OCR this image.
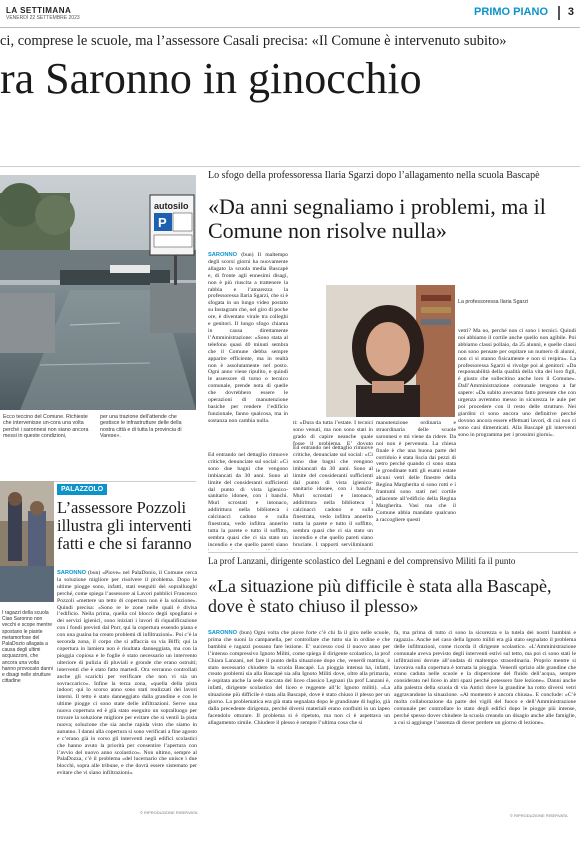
LA SETTIMANA
VENERDÌ 22 SETTEMBRE 2023	PRIMO PIANO 3
ci, comprese le scuole, ma l’assessore Casali precisa: «Il Comune è intervenuto subito»
ra Saronno in ginocchio
autosilo
P
Ecco teccino del Comune. Richieste che intervenisse un-cora una volta perché i saronnesi non siano ancora messi in queste condizioni,
per una trazione dell’attende che gestisce le infrastrutture delle della nostra città e di tutta la provincia di Varese».
PALAZZOLO
L’assessore Pozzoli illustra gli interventi fatti e che si faranno
I ragazzi della scuola Ciao Saronno non vecchi e scope mentre spostano le piante metamorfose del PalaDozio allagata a causa degli ultimi acquazzoni, che ancora una volta hanno provocato danni e disagi nelle strutture cittadine
SARONNO (bun) «Piove» nel PalaDonio, il Comune cerca la soluzione migliore per risolvere il problema. Dopo le ultime piogge sono, infatti, stati eseguiti dei sopralluoghi perché, come spiega l’assessore ai Lavori pubblici Francesco Pozzoli «mettere un tetto di copertura non è la soluzione». Quindi precisa: «Sono re le zone nelle quali è divisa l’edificio. Nella prima, quella col blocco degli spogliatoi e dei servizi igienici, sono iniziati i lavori di riqualificazione con i fondi previsti dal Pnrr, qui la copertura essendo piana e con una guaina ha creato problemi di infiltrazioni». Poi c’è la seconda zona, il corpo che si affaccia su via Biffi; qui la copertura in lamiera non è risultata danneggiata, ma con la pioggia copiosa e le foglie è stato necessario un intervento ulteriore di pulizia di pluviali e gronde che erano ostruiti; interventi che è stato fatto martedì. Ora verranno controllati anche gli scarichi per verificare che non vi sia un sovraccarico». Infine la terza zona, «quella della pista indoor; qui lo scorso anno sono stati realizzati dei lavori interni. Il tetto è stato danneggiato dalla grandine e con le ultime piogge ci sono state delle infiltrazioni. Serve una nuova copertura ed è già stato eseguito un sopralluogo per trovare la soluzione migliore per evitare che si ventil la pista nuova; soluzione che sia anche rapida visto che siamo in autunno. I danni alla copertura si sono verificati a fine agosto e c’erano già in corso gli interventi negli edifici scolastici che hanno avuto la priorità per consentire l’apertura con l’avvio del nuovo anno scolastico». Non ultimo, sempre al PalaDozza, c’è il problema «del lucernario che unisce i due blocchi, sopra alle tribune, e che dovrà essere sistemato per evitare che vi siano infiltrazioni».
© RIPRODUZIONE RISERVATA
Lo sfogo della professoressa Ilaria Sgarzi dopo l’allagamento nella scuola Bascapè
«Da anni segnaliamo i problemi, ma il Comune non risolve nulla»
SARONNO (bun) Il maltempo degli scorsi giorni ha nuovamente allagato la scuola media Bascapè e, di fronte agli ennesimi disagi, non è più riuscita a trattenere la rabbia e l’amarezza la professoressa Ilaria Sgarzi, che si è sfogata in un lungo video postato su Instagram che, nel giro di poche ore, è diventato virale tra colleghi e genitori. Il lungo sfogo chiama in causa direttamente l’Amministrazione: «Sono stata al telefono quasi 40 minuti sembra che il Comune debba sempre apparire efficiente, ma in realtà non è assolutamente nel posto. Ogni anno viene ripulito, e quindi le assessore di turno o tecnico comunale, prende nota di quelle che dovrebbero essere le operazioni di manutenzione basiche per rendere l’edificio funzionale, fanno qualcosa, ma in sostanza non cambia nulla.
Ed entrando nel dettaglio rimuove critiche, denunciate sul social: «Ci sono due bagni che vengono imbiancati da 30 anni. Sono al limite del consideranti sufficienti dal punto di vista igienico-sanitario idonee, con i banchi. Muri scrostati e intonaco, addirittura nella biblioteca i calcinacci cadono e sulla finestrata, vedo infiltra annerito tutta la parete e tutto il soffitto, sembra quasi che ci sia stato un incendio e che quello pareti siano
Ed entrando nel dettaglio rimuove critiche, denunciate sul social: «Ci sono due bagni che vengono imbiancati da 30 anni. Sono al limite del consideranti sufficienti dal punto di vista igienico-sanitario idonee, con i banchi. Muri scrostati e intonaco, addirittura nella biblioteca i calcinacci cadono e sulla finestrata, vedo infiltra annerito tutta la parete e tutto il soffitto, sembra quasi che ci sia stato un incendio e che quello pareti siano bruciate. I rapporti serviliminanti
manutenzione ordinaria e straordinaria delle scuole saronnesi e mi viene da ridere. Da noi non è pervenuta. La chiesa finale è che una buona parte del corridoio è stata liscia dai pezzi di vetro perché quando ci sono stata le grondinate tutti gli esami estate alcuni vetri delle finestre della Regina Margherita si sono rotti e i frantumi sono stati nel cortile adiacente all’edificio della Regina Margherita. Vasi ma che il Comune abbia mandato qualcuno a raccogliere questi
vetri? Ma no, perché non ci sono i tecnici. Quindi noi abbiamo il cortile anche quello non agibile. Poi abbiamo classi pollaio, da 25 alunni, e quelle classi non sono pensate per ospitare un numero di alunni, non ci si stanno fisicamente e non si respira». La professoressa Sgarzi si rivolge poi ai genitori: «Da responsabilità della qualità della vita dei loro figli, è giusto che sollecitino anche loro il Comune». Dall’Amministrazione comunale tengono a far sapere: «Da subito avevamo fatto presente che con urgenza avremmo messo in sicurezza le aule per poi procedere con il resto delle strutture. Nei giardini ci sono ancora uno definitive perché dovono ancora essere effettuati lavori, di cui non ci sono casi dimenticati. Alla Bascapè gli interventi sono in programma per i prossimi giorni».
ti: «Dura da tutta l’estate. I tecnici sono venuti, ma non sono stati in grado di capire neanche quale fosse il problema. E’ dovuto
La professoressa Ilaria Sgarzi
La prof Lanzani, dirigente scolastico del Legnani e del comprensivo Militi fa il punto
«La situazione più difficile è stata alla Bascapè, dove è stato chiuso il plesso»
SARONNO (bun) Ogni volta che piove forte c’è chi fa il giro nelle scuole, prima che suoni la campanella, per controllare che tutto sia in ordine e che bambini e ragazzi possano fare lezione. E’ successo così il nuovo anno per l’intenso compressivo Ignoto Militi, come spiega il dirigente scolastico, la prof Chiara Lanzani, nel fare il punto della situazione dopo che, venerdì mattina, è stato necessario chiudere la scuola Bascapè. La pioggia intensa ha, infatti, creato problemi sia alla Bascapè sia alla Ignoto Militi dove, oltre alla primaria, è ospitata anche la sede staccata del liceo classico Legnani (la prof Lanzani è, infatti, dirigente scolastico del liceo e reggente all’Ic Ignoto militi). «La situazione più difficile è stata alla Bascapè, dove è stato chiuso il plesso per un giorno. La problematica era già stata segnalata dopo le grandinate di luglio, già dalla precedente dirigenza, perché diversi materiali erano confluiti in un lapeo facendolo otturare. Il problema si è ripetuto, ma non ci è aspettava un allagamento simile. Chiudere il plesso è sempre l’ultima cosa che si
fa, ma prima di tutto ci sono la sicurezza e la tutela dei nostri bambini e ragazzi». Anche nel caso della Ignoto militi era già stato segnalato il problema delle infiltrazioni, come ricorda il dirigente scolastico. «L’Amministrazione comunale aveva previsto degli interventi estivi sul tetto, ma poi ci sono stati le infiltrazioni dovute all’ondata di maltempo straordinaria. Proprio mentre si lavorava sulla copertura è tornata la pioggia. Venerdì sprizio alle grandine che erano caduta nelle scuole e la dispersione del fluido dell’acqua, sempre considerato nel liceo in altri spazi perché potessero fare lezione». Danni anche alla palestra della scuola di via Antici dove la grandine ha rotto diversi vetri aggravandone la situazione. «Al momento è ancora chiusa». E conclude: «C’è molta collaborazione da parte dei vigili del fuoco e dell’Amministrazione comunale per controllare lo stato degli edifici dopo le piogge più intense, perché spesso dover chiudere la scuola creando un disagio anche alle famiglie, a cui si aggiunge l’assenza di dover perdere un giorno di lezione».
© RIPRODUZIONE RISERVATA
